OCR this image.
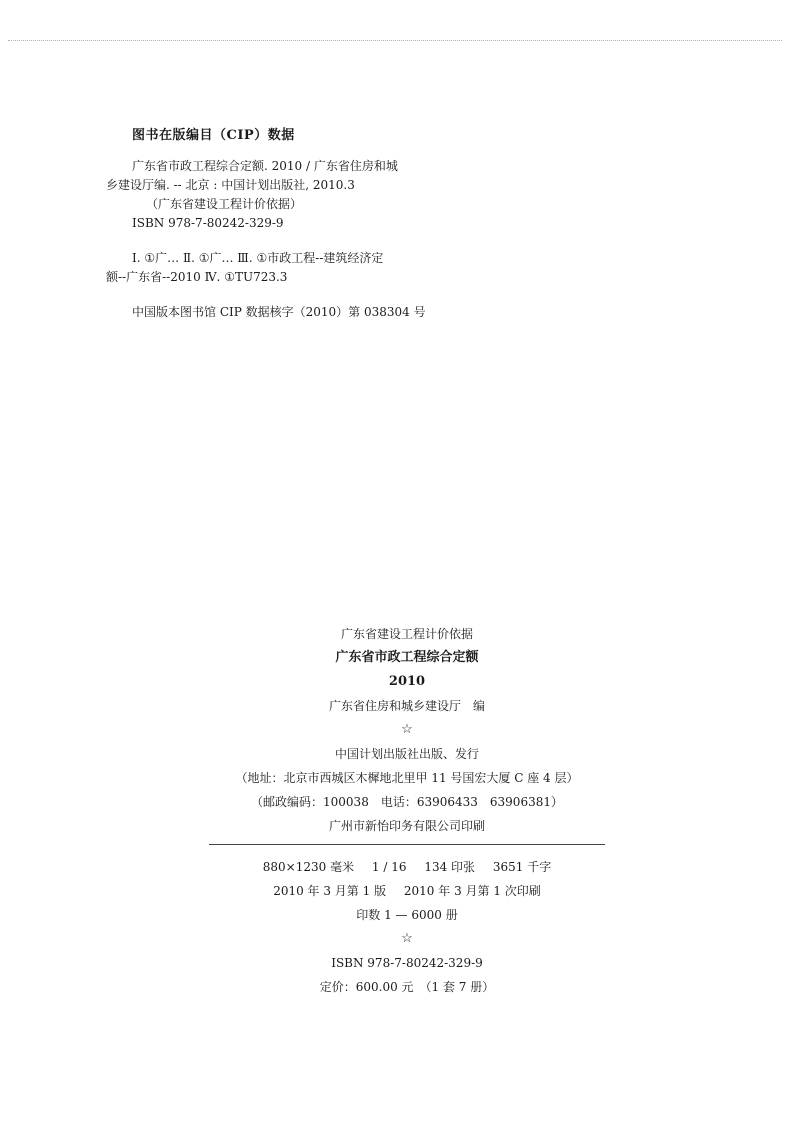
图书在版编目（CIP）数据
广东省市政工程综合定额. 2010 / 广东省住房和城
乡建设厅编. -- 北京 : 中国计划出版社, 2010.3
（广东省建设工程计价依据）
ISBN 978-7-80242-329-9
Ⅰ. ①广… Ⅱ. ①广… Ⅲ. ①市政工程--建筑经济定
额--广东省--2010 Ⅳ. ①TU723.3
中国版本图书馆 CIP 数据核字（2010）第 038304 号
广东省建设工程计价依据
广东省市政工程综合定额
2010
广东省住房和城乡建设厅　编
☆
中国计划出版社出版、发行
（地址：北京市西城区木樨地北里甲 11 号国宏大厦 C 座 4 层）
（邮政编码：100038　电话：63906433　63906381）
广州市新怡印务有限公司印刷
880×1230 毫米 1 / 16 134 印张 3651 千字
2010 年 3 月第 1 版 2010 年 3 月第 1 次印刷
印数 1 — 6000 册
☆
ISBN 978-7-80242-329-9
定价：600.00 元　（1 套 7 册）
